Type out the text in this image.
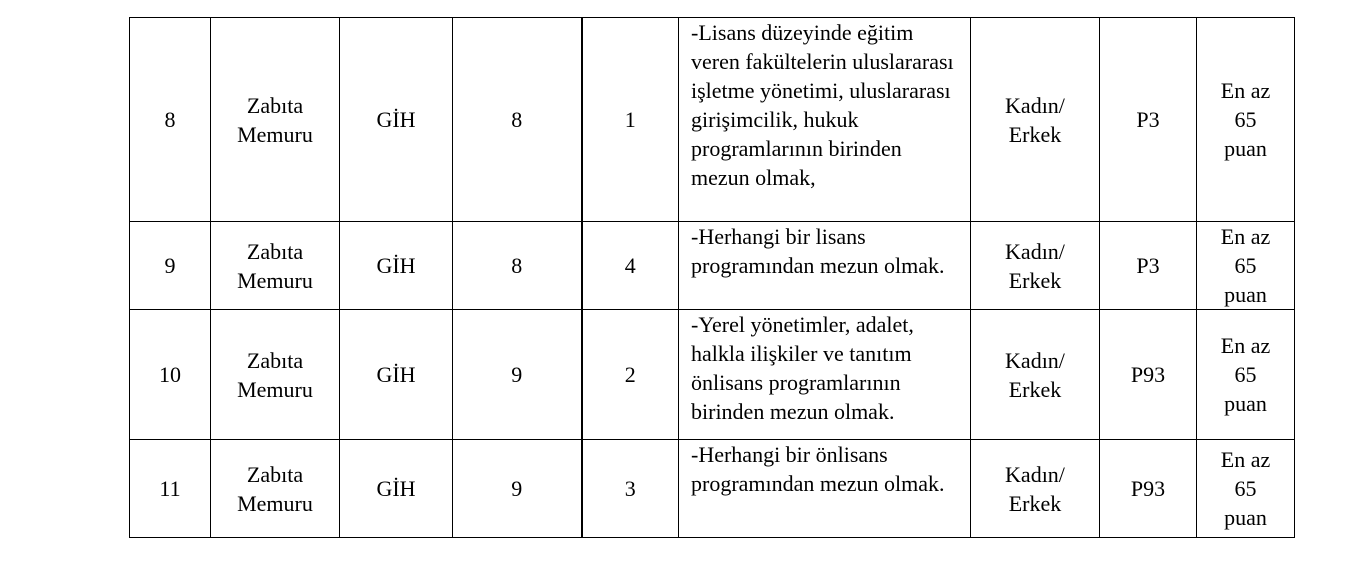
8	Zabıta
Memuru	GİH	8	1	-Lisans düzeyinde eğitim veren fakültelerin uluslararası işletme yönetimi, uluslararası girişimcilik, hukuk programlarının birinden mezun olmak,	Kadın/
Erkek	P3	En az
65
puan

9	Zabıta
Memuru	GİH	8	4	-Herhangi bir lisans programından mezun olmak.	Kadın/
Erkek	P3	En az
65
puan

10	Zabıta
Memuru	GİH	9	2	-Yerel yönetimler, adalet, halkla ilişkiler ve tanıtım önlisans programlarının birinden mezun olmak.	Kadın/
Erkek	P93	En az
65
puan

11	Zabıta
Memuru	GİH	9	3	-Herhangi bir önlisans programından mezun olmak.	Kadın/
Erkek	P93	En az
65
puan
